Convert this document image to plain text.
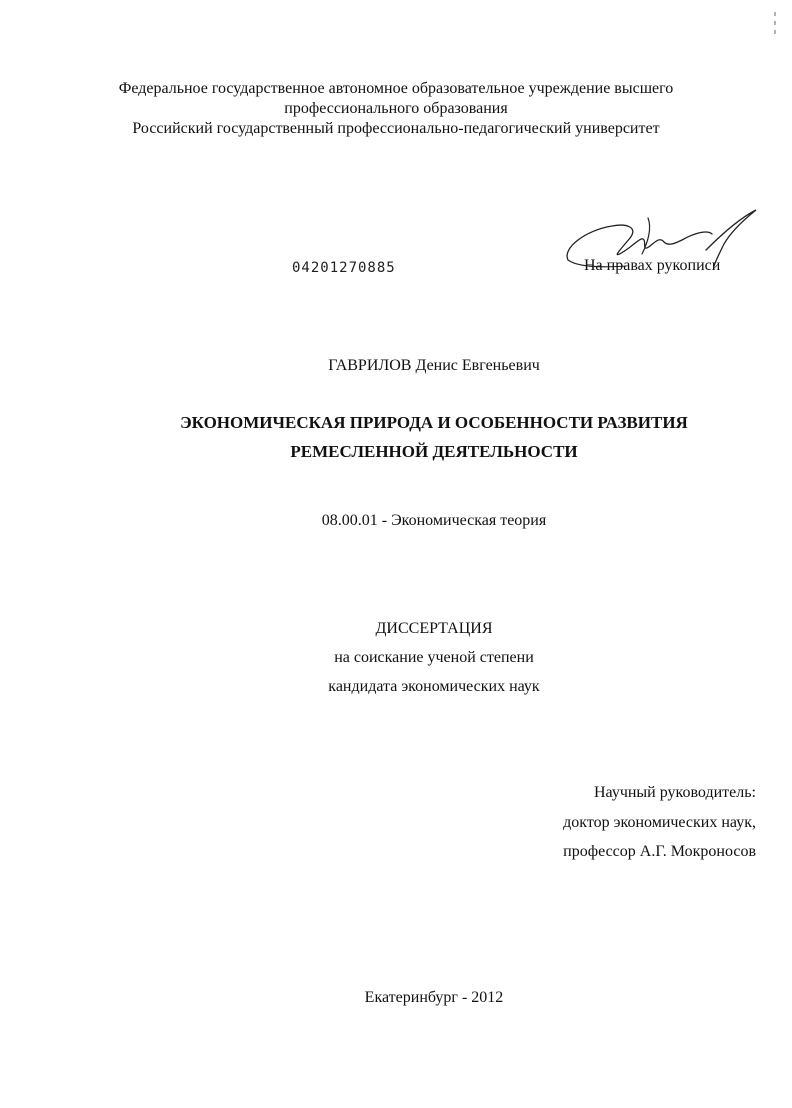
Федеральное государственное автономное образовательное учреждение высшего
профессионального образования
Российский государственный профессионально-педагогический университет
04201270885	На правах рукописи
ГАВРИЛОВ Денис Евгеньевич
ЭКОНОМИЧЕСКАЯ ПРИРОДА И ОСОБЕННОСТИ РАЗВИТИЯ
РЕМЕСЛЕННОЙ ДЕЯТЕЛЬНОСТИ
08.00.01 - Экономическая теория
ДИССЕРТАЦИЯ
на соискание ученой степени
кандидата экономических наук
Научный руководитель:
доктор экономических наук,
профессор А.Г. Мокроносов
Екатеринбург - 2012
